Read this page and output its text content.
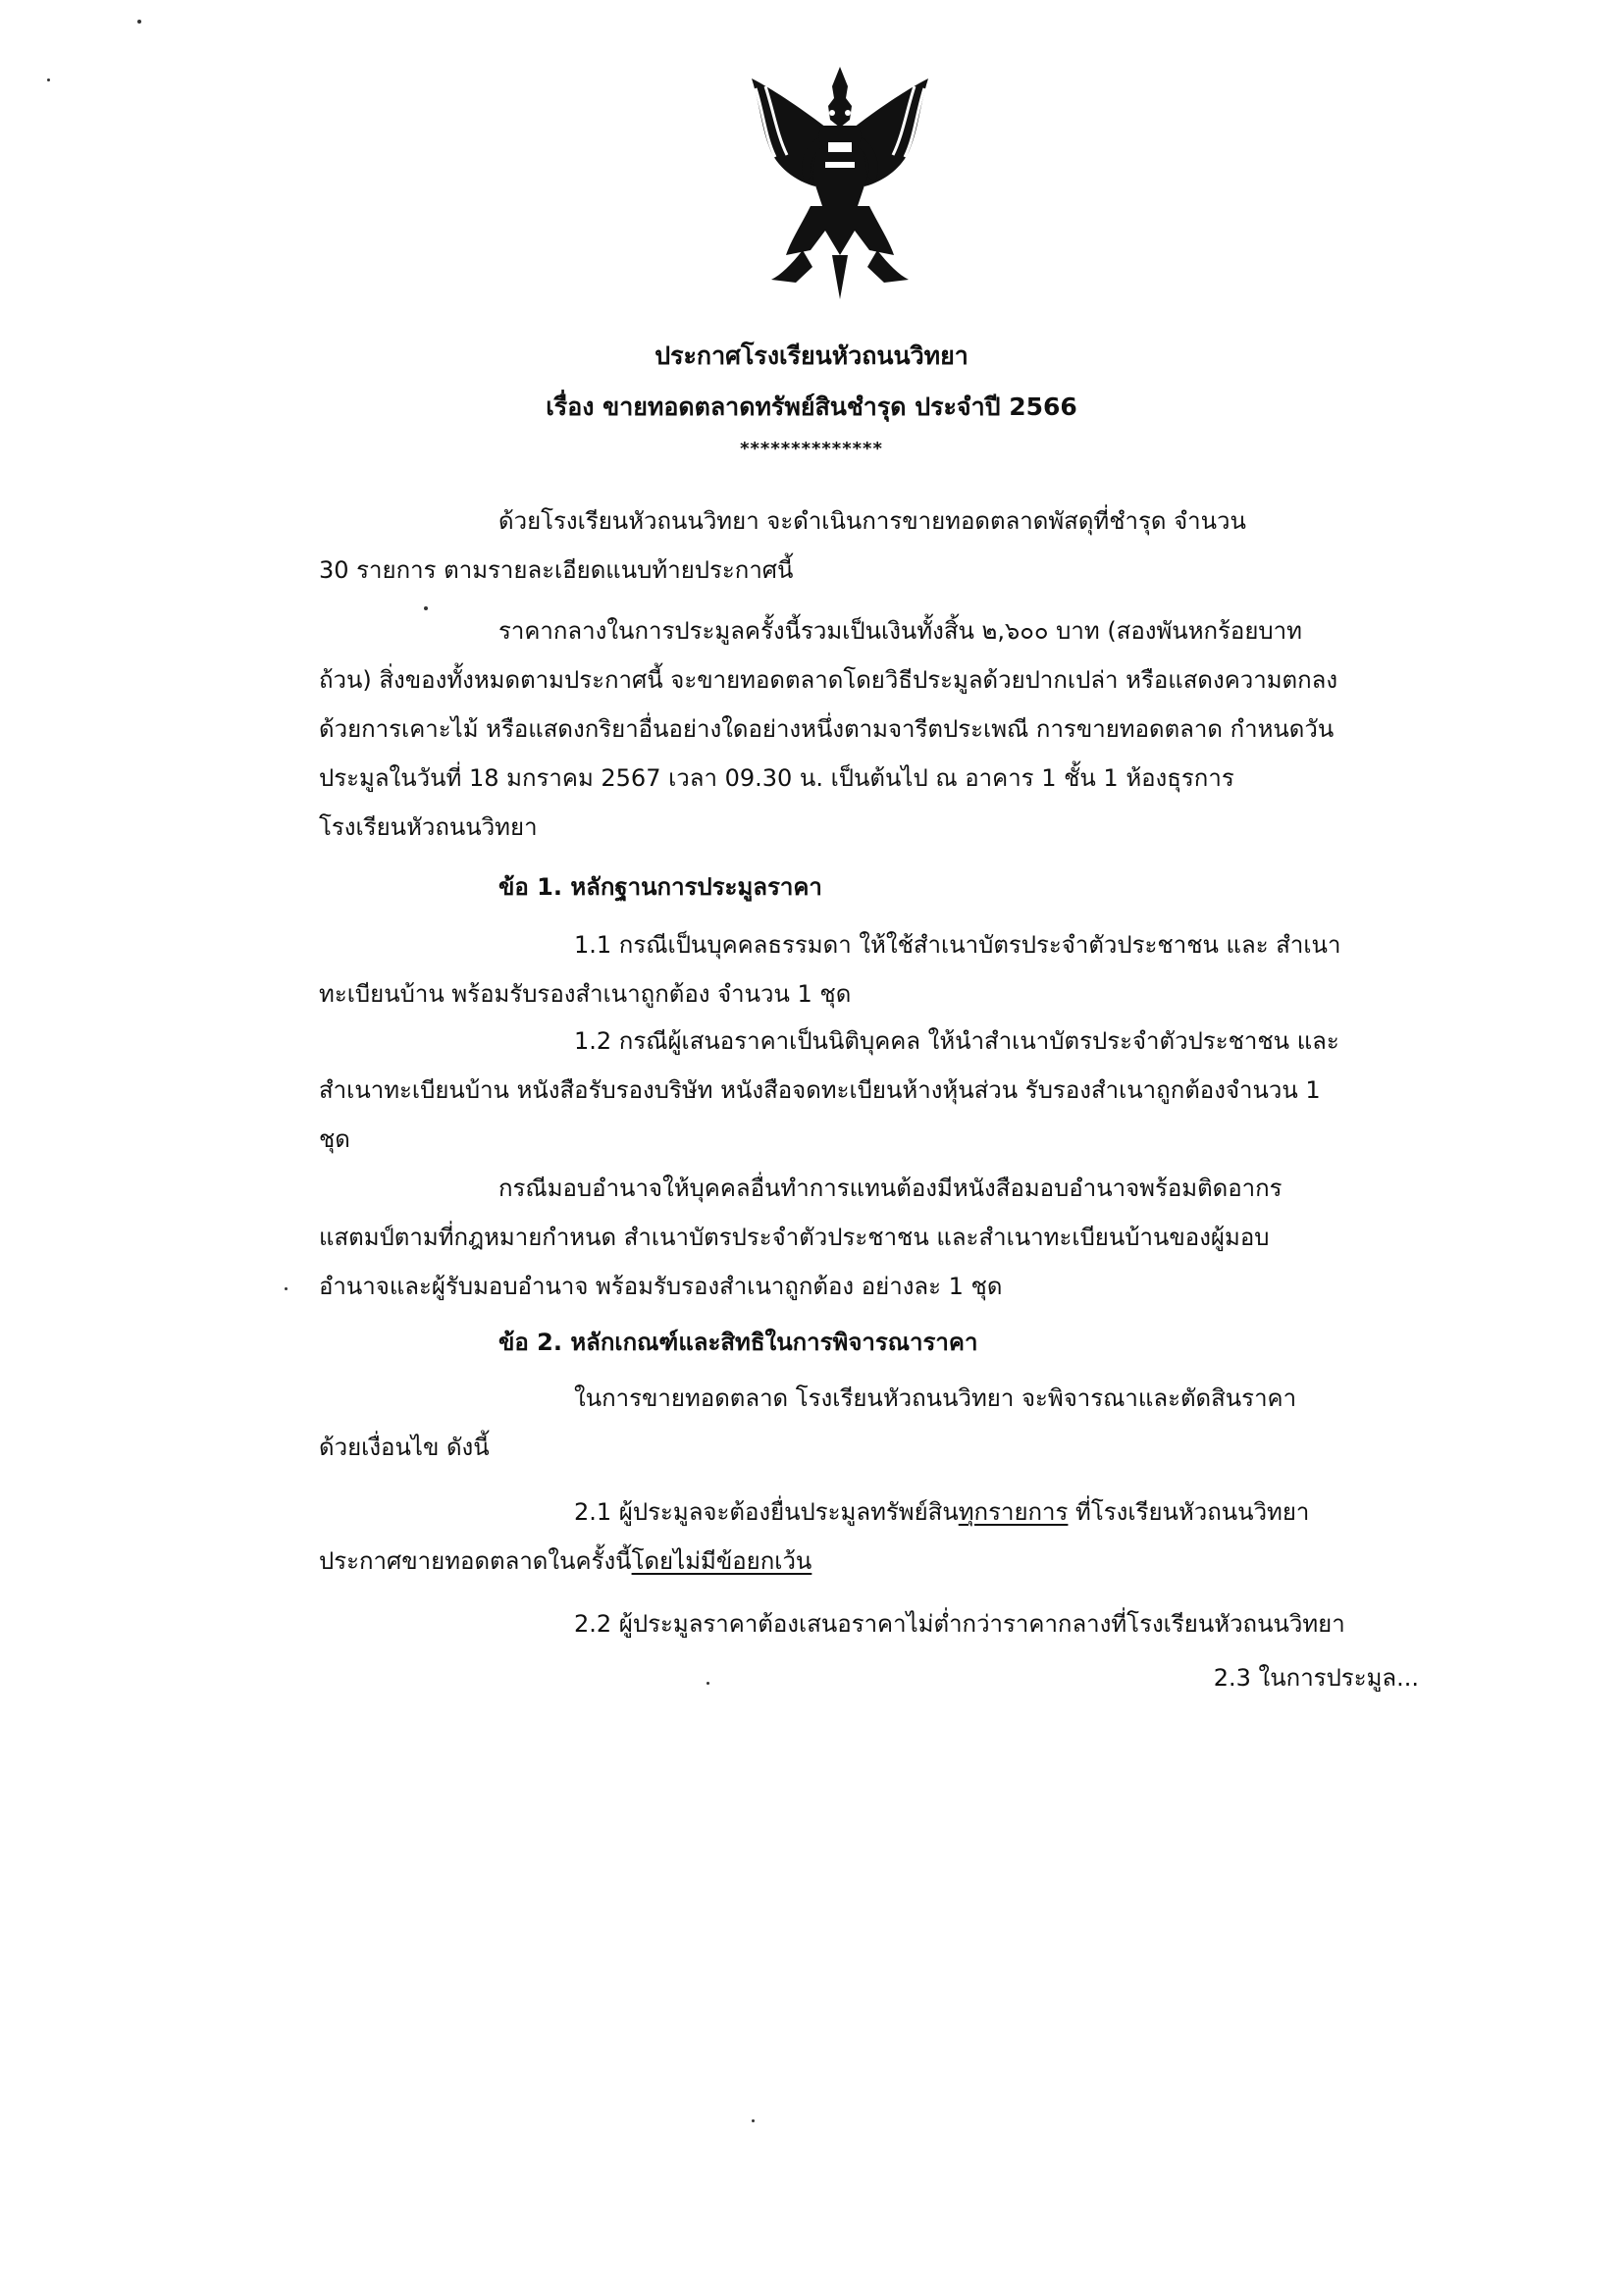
ประกาศโรงเรียนหัวถนนวิทยา
เรื่อง ขายทอดตลาดทรัพย์สินชำรุด ประจำปี 2566
**************
ด้วยโรงเรียนหัวถนนวิทยา จะดำเนินการขายทอดตลาดพัสดุที่ชำรุด จำนวน
30 รายการ ตามรายละเอียดแนบท้ายประกาศนี้
ราคากลางในการประมูลครั้งนี้รวมเป็นเงินทั้งสิ้น ๒,๖๐๐ บาท (สองพันหกร้อยบาท
ถ้วน) สิ่งของทั้งหมดตามประกาศนี้ จะขายทอดตลาดโดยวิธีประมูลด้วยปากเปล่า หรือแสดงความตกลง
ด้วยการเคาะไม้ หรือแสดงกริยาอื่นอย่างใดอย่างหนึ่งตามจารีตประเพณี การขายทอดตลาด กำหนดวัน
ประมูลในวันที่ 18 มกราคม 2567 เวลา 09.30 น. เป็นต้นไป ณ อาคาร 1 ชั้น 1 ห้องธุรการ
โรงเรียนหัวถนนวิทยา
ข้อ 1. หลักฐานการประมูลราคา
1.1 กรณีเป็นบุคคลธรรมดา ให้ใช้สำเนาบัตรประจำตัวประชาชน และ สำเนา
ทะเบียนบ้าน พร้อมรับรองสำเนาถูกต้อง จำนวน 1 ชุด
1.2 กรณีผู้เสนอราคาเป็นนิติบุคคล ให้นำสำเนาบัตรประจำตัวประชาชน และ
สำเนาทะเบียนบ้าน หนังสือรับรองบริษัท หนังสือจดทะเบียนห้างหุ้นส่วน รับรองสำเนาถูกต้องจำนวน 1
ชุด
กรณีมอบอำนาจให้บุคคลอื่นทำการแทนต้องมีหนังสือมอบอำนาจพร้อมติดอากร
แสตมป์ตามที่กฎหมายกำหนด สำเนาบัตรประจำตัวประชาชน และสำเนาทะเบียนบ้านของผู้มอบ
อำนาจและผู้รับมอบอำนาจ พร้อมรับรองสำเนาถูกต้อง อย่างละ 1 ชุด
ข้อ 2. หลักเกณฑ์และสิทธิในการพิจารณาราคา
ในการขายทอดตลาด โรงเรียนหัวถนนวิทยา จะพิจารณาและตัดสินราคา
ด้วยเงื่อนไข ดังนี้
2.1 ผู้ประมูลจะต้องยื่นประมูลทรัพย์สินทุกรายการ ที่โรงเรียนหัวถนนวิทยา
ประกาศขายทอดตลาดในครั้งนี้โดยไม่มีข้อยกเว้น
2.2 ผู้ประมูลราคาต้องเสนอราคาไม่ต่ำกว่าราคากลางที่โรงเรียนหัวถนนวิทยา
2.3 ในการประมูล...
